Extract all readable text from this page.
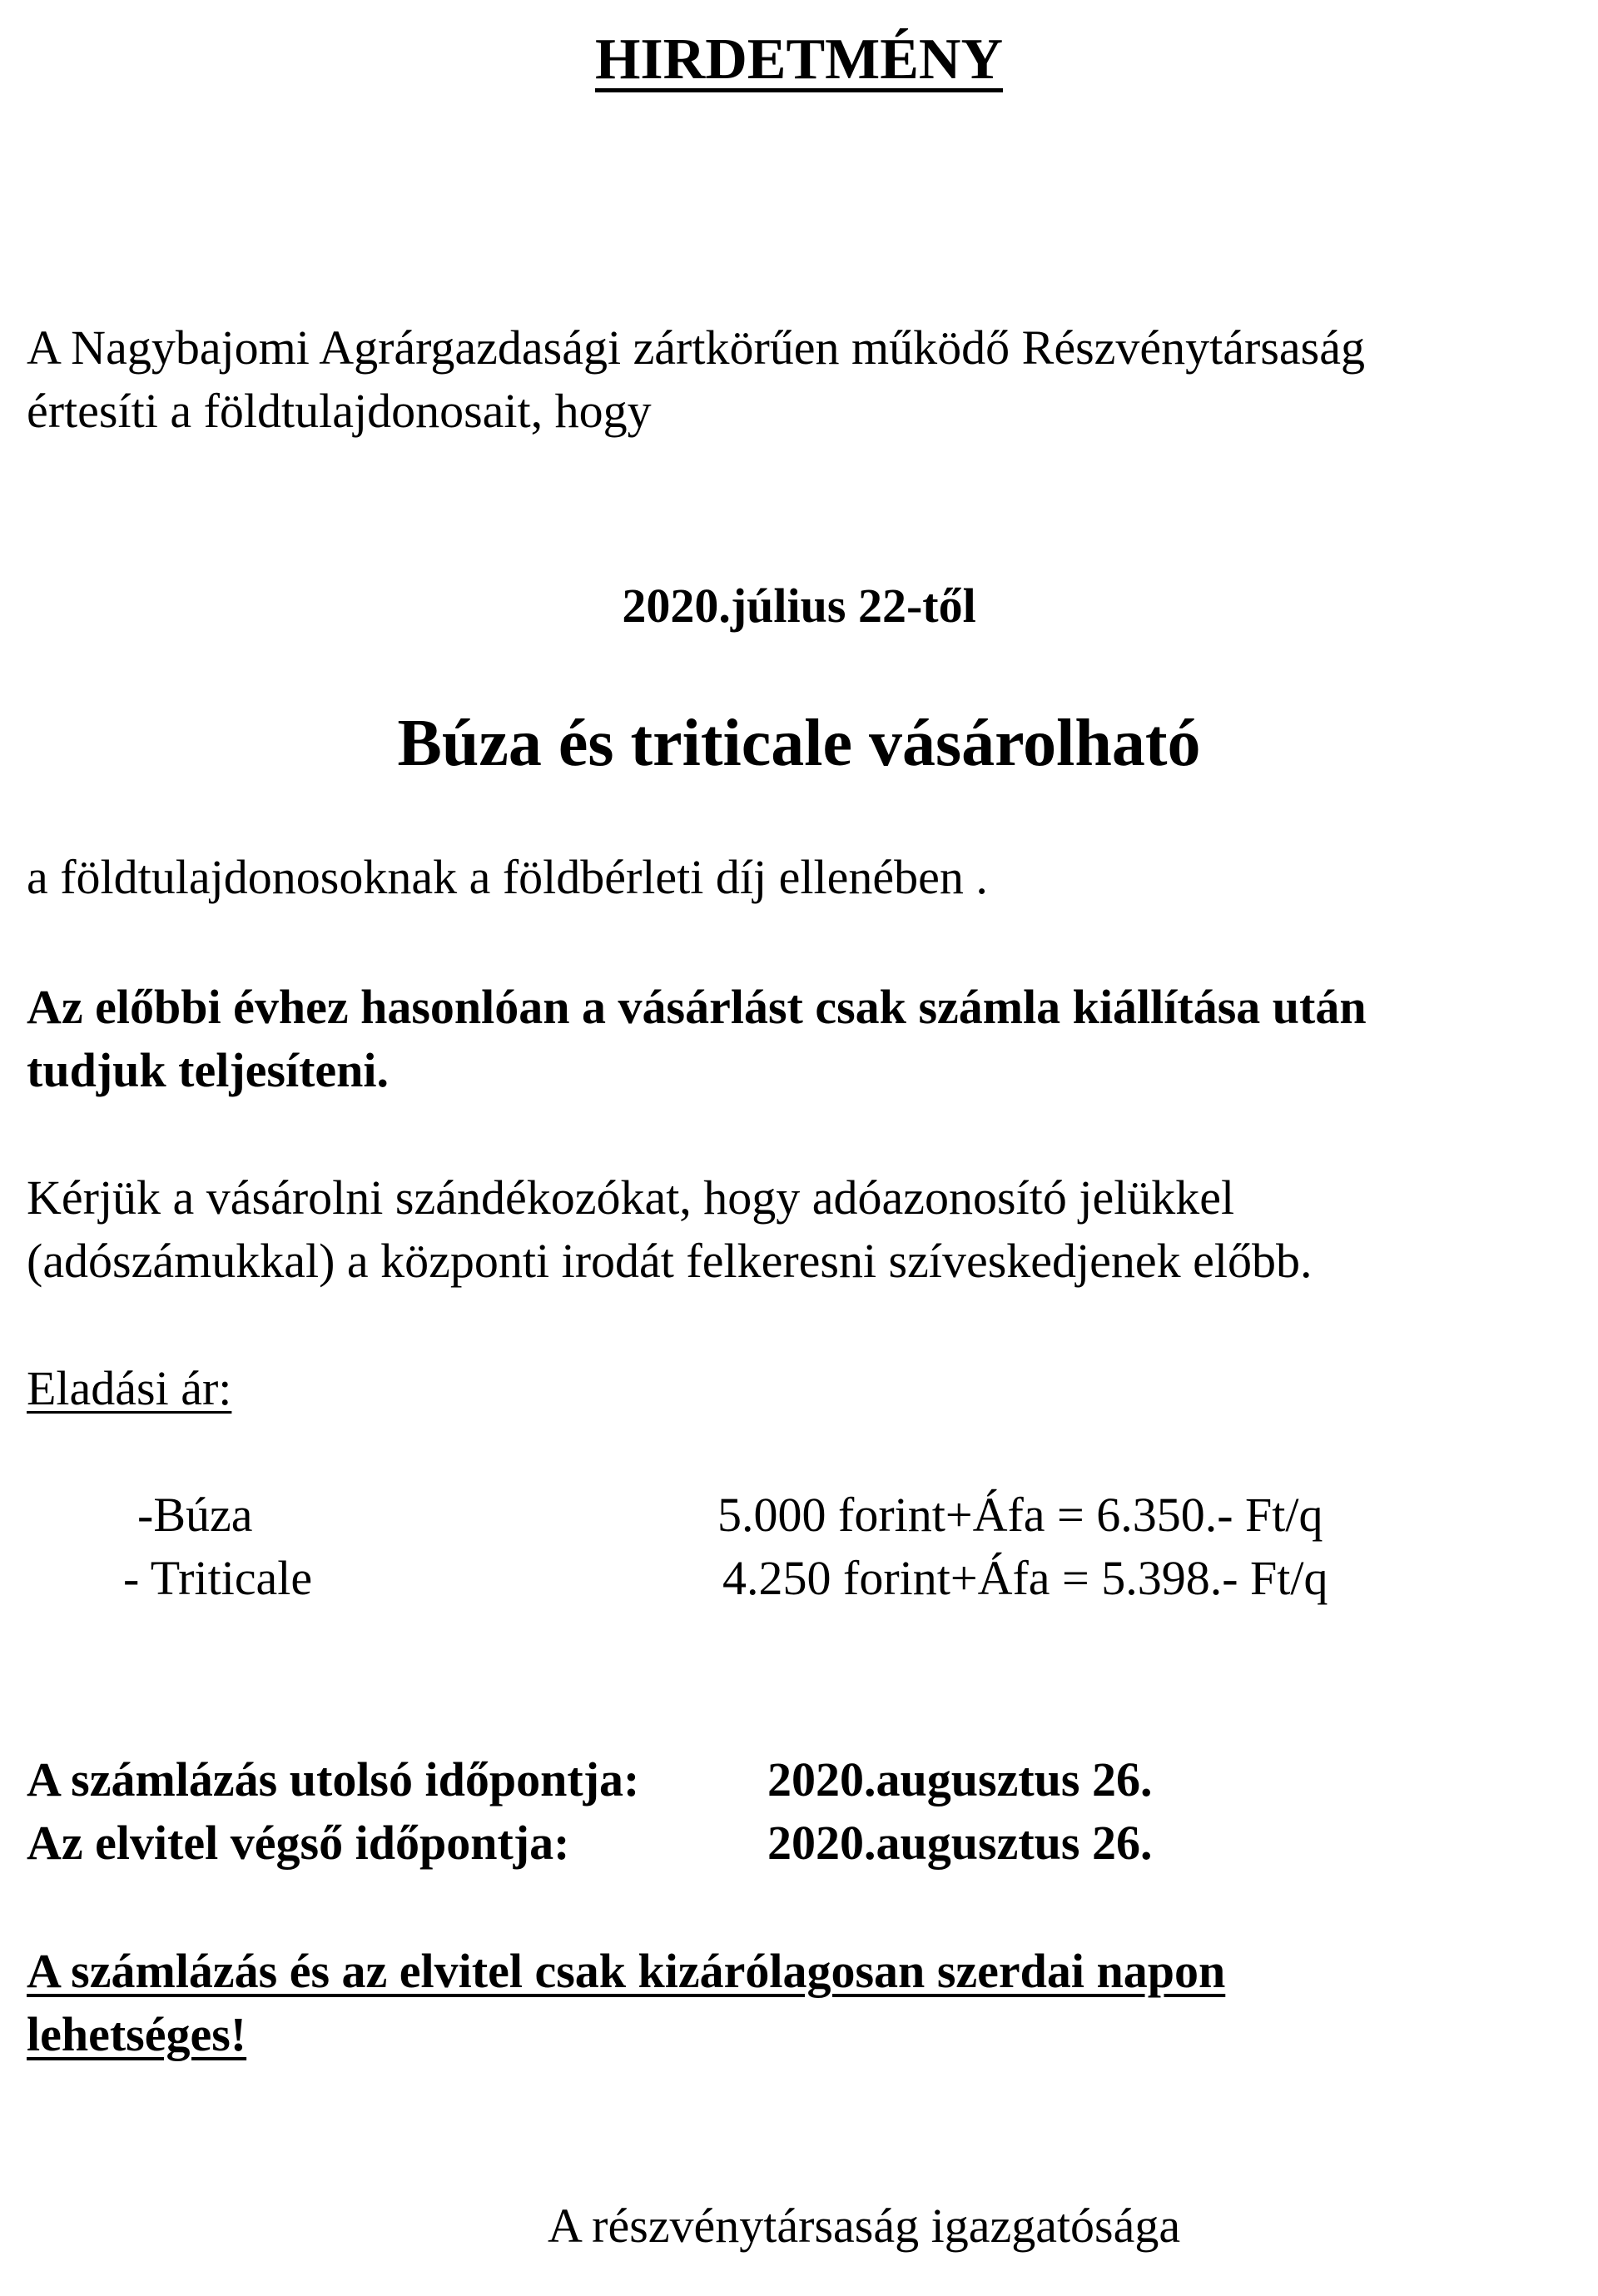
HIRDETMÉNY
A Nagybajomi Agrárgazdasági zártkörűen működő Részvénytársaság
értesíti a földtulajdonosait, hogy
2020.július 22-től
Búza és triticale vásárolható
a földtulajdonosoknak a földbérleti díj ellenében .
Az előbbi évhez hasonlóan a vásárlást csak számla kiállítása után
tudjuk teljesíteni.
Kérjük a vásárolni szándékozókat, hogy adóazonosító jelükkel
(adószámukkal) a központi irodát felkeresni szíveskedjenek előbb.
Eladási ár:
-Búza	5.000 forint+Áfa = 6.350.- Ft/q
- Triticale	4.250 forint+Áfa = 5.398.- Ft/q
A számlázás utolsó időpontja:	2020.augusztus 26.
Az elvitel végső időpontja:	2020.augusztus 26.
A számlázás és az elvitel csak kizárólagosan szerdai napon
lehetséges!
A részvénytársaság igazgatósága
